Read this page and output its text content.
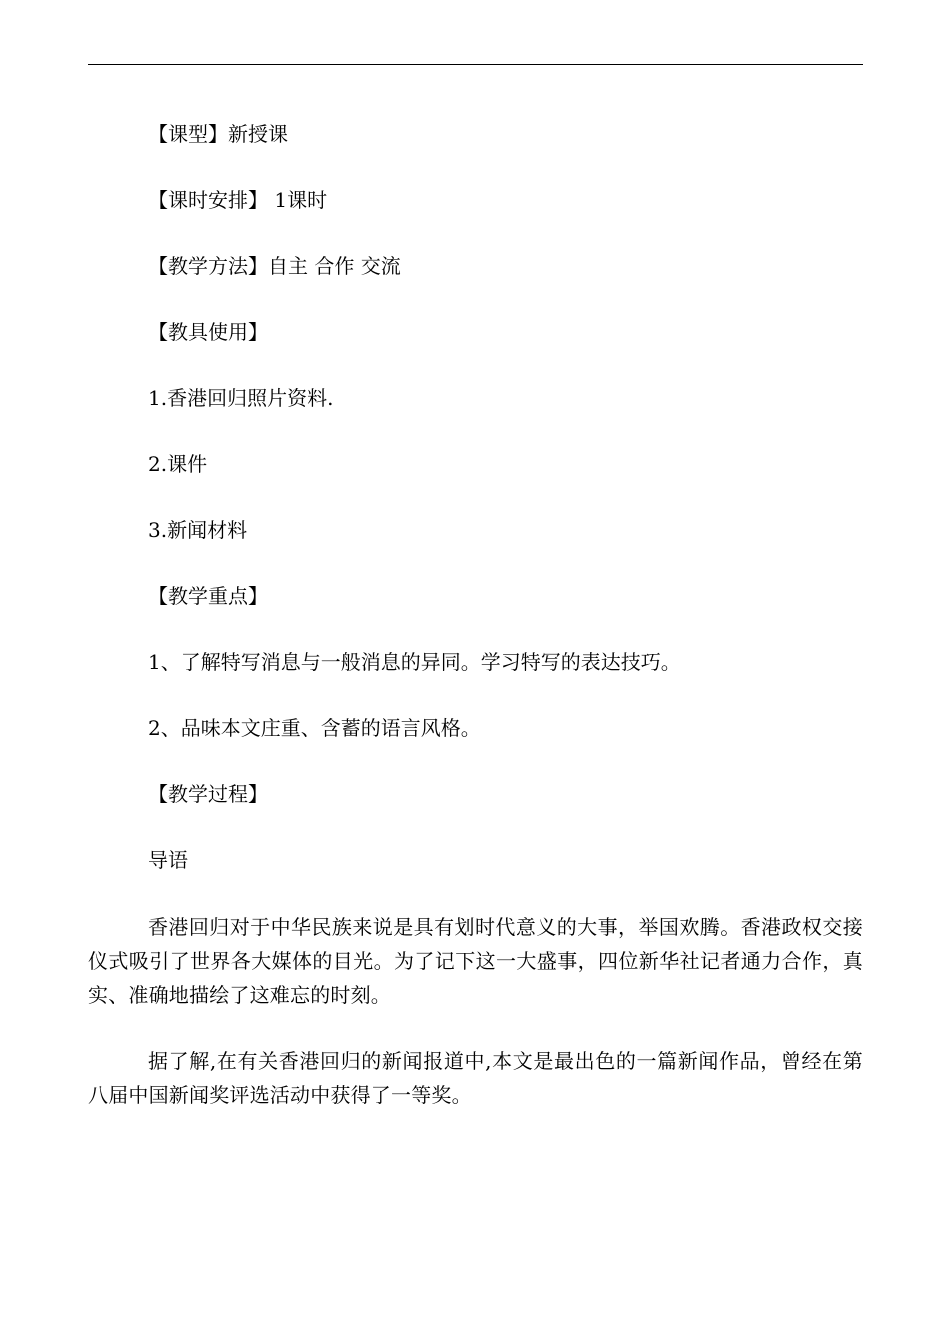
【课型】新授课
【课时安排】 1课时
【教学方法】自主 合作 交流
【教具使用】
1.香港回归照片资料.
2.课件
3.新闻材料
【教学重点】
1、了解特写消息与一般消息的异同。学习特写的表达技巧。
2、品味本文庄重、含蓄的语言风格。
【教学过程】
导语

香港回归对于中华民族来说是具有划时代意义的大事，举国欢腾。香港政权交接仪式吸引了世界各大媒体的目光。为了记下这一大盛事，四位新华社记者通力合作，真实、准确地描绘了这难忘的时刻。

据了解,在有关香港回归的新闻报道中,本文是最出色的一篇新闻作品，曾经在第八届中国新闻奖评选活动中获得了一等奖。
